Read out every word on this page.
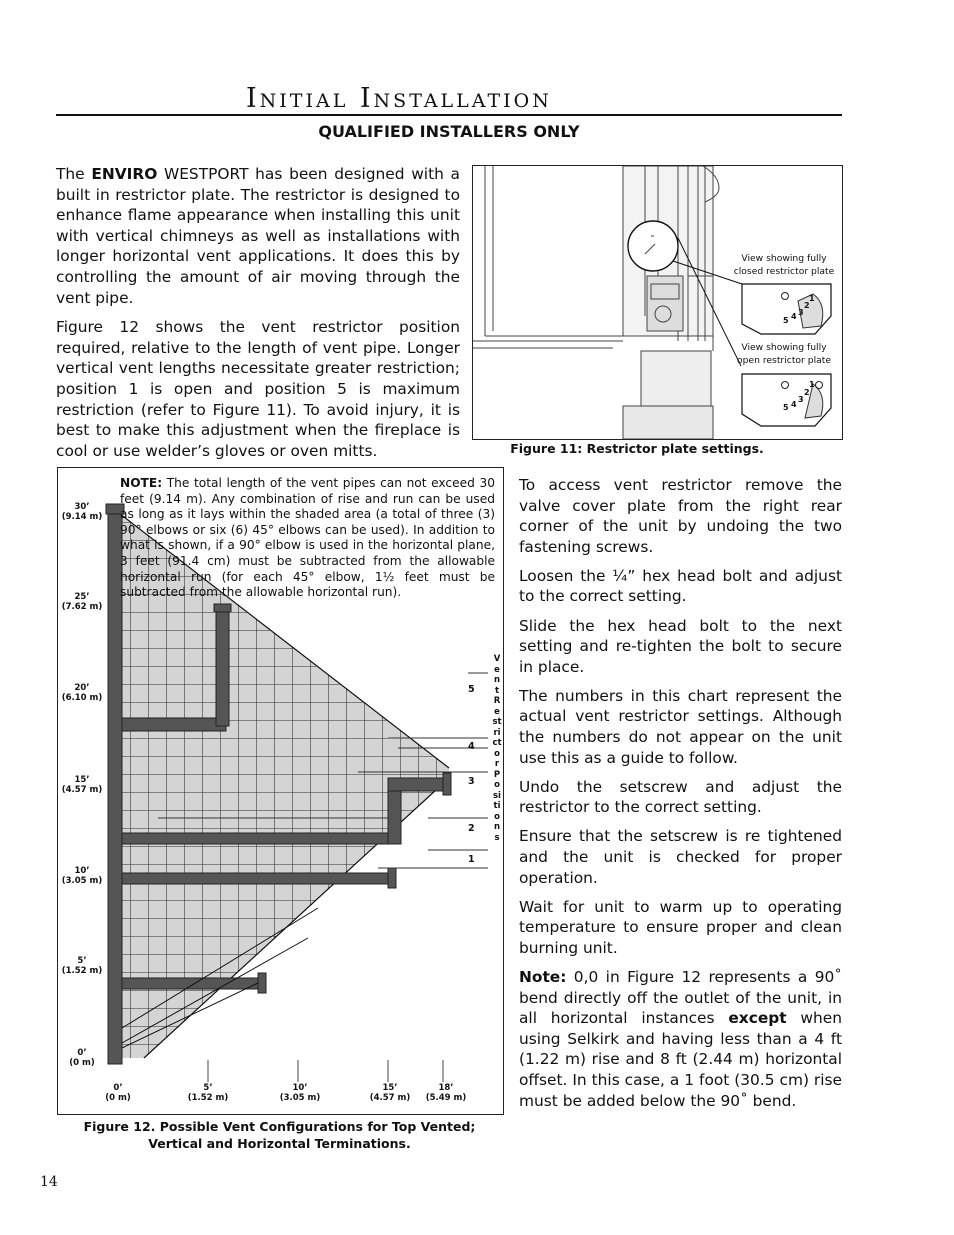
Initial Installation
QUALIFIED INSTALLERS ONLY

The ENVIRO WESTPORT has been designed with a built in restrictor plate. The restrictor is designed to enhance flame appearance when installing this unit with vertical chimneys as well as installations with longer horizontal vent applications. It does this by controlling the amount of air moving through the vent pipe.

Figure 12 shows the vent restrictor position required, relative to the length of vent pipe. Longer vertical vent lengths necessitate greater restriction; position 1 is open and position 5 is maximum restriction (refer to Figure 11). To avoid injury, it is best to make this adjustment when the fireplace is cool or use welder’s gloves or oven mitts.

View showing fully closed restrictor plate
View showing fully open restrictor plate
1
2
3
4
5
1
2
3
4
5
Figure 11: Restrictor plate settings.
NOTE: The total length of the vent pipes can not exceed 30 feet (9.14 m). Any combination of rise and run can be used as long as it lays within the shaded area (a total of three (3) 90° elbows or six (6) 45° elbows can be used). In addition to what is shown, if a 90° elbow is used in the horizontal plane, 3 feet (91.4 cm) must be subtracted from the allowable horizontal run (for each 45° elbow, 1½ feet must be subtracted from the allowable horizontal run).
30’
(9.14 m)
25’
(7.62 m)
20’
(6.10 m)
15’
(4.57 m)
10’
(3.05 m)
5’
(1.52 m)
0’
(0 m)
0’
(0 m)
5’
(1.52 m)
10’
(3.05 m)
15’
(4.57 m)
18’
(5.49 m)
Vent Restrictor Positions
5
4
3
2
1
Figure 12. Possible Vent Configurations for Top Vented;
Vertical and Horizontal Terminations.

To access vent restrictor remove the valve cover plate from the right rear corner of the unit by undoing the two fastening screws.

Loosen the ¼” hex head bolt and adjust to the correct setting.

Slide the hex head bolt to the next setting and re-tighten the bolt to secure in place.

The numbers in this chart represent the actual vent restrictor settings. Although the numbers do not appear on the unit use this as a guide to follow.

Undo the setscrew and adjust the restrictor to the correct setting.

Ensure that the setscrew is re tightened and the unit is checked for proper operation.

Wait for unit to warm up to operating temperature to ensure proper and clean burning unit.

Note: 0,0 in Figure 12 represents a 90˚ bend directly off the outlet of the unit, in all horizontal instances except when using Selkirk and having less than a 4 ft (1.22 m) rise and 8 ft (2.44 m) horizontal offset. In this case, a 1 foot (30.5 cm) rise must be added below the 90˚ bend.

14
